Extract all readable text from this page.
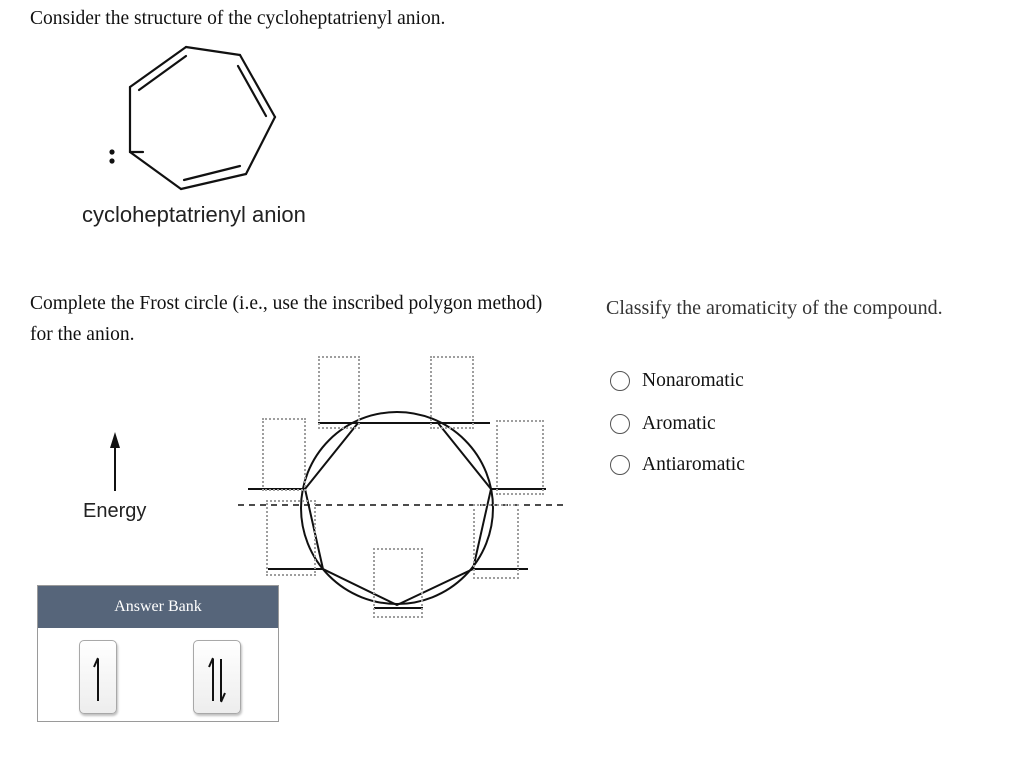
Consider the structure of the cycloheptatrienyl anion.
cycloheptatrienyl anion
Complete the Frost circle (i.e., use the inscribed polygon method) for the anion.
Energy
Answer Bank
Classify the aromaticity of the compound.
Nonaromatic
Aromatic
Antiaromatic
